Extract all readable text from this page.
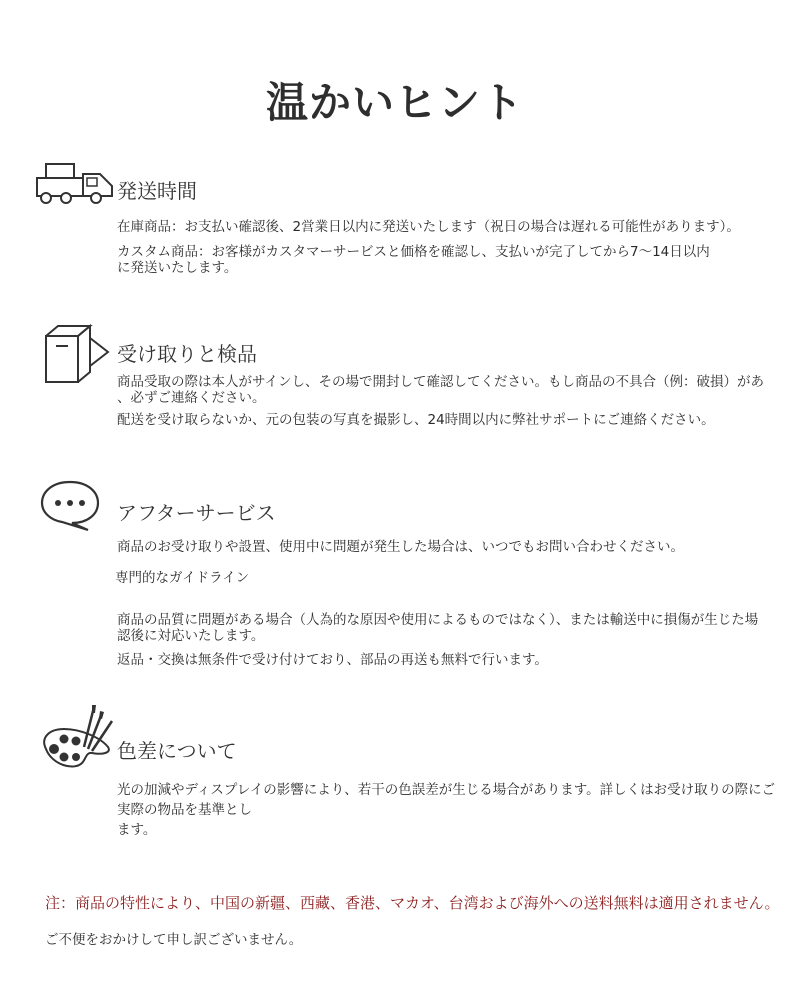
温かいヒント
発送時間
在庫商品：お支払い確認後、2営業日以内に発送いたします（祝日の場合は遅れる可能性があります）。
カスタム商品：お客様がカスタマーサービスと価格を確認し、支払いが完了してから7〜14日以内
に発送いたします。
受け取りと検品
商品受取の際は本人がサインし、その場で開封して確認してください。もし商品の不具合（例：破損）があ
、必ずご連絡ください。
配送を受け取らないか、元の包装の写真を撮影し、24時間以内に弊社サポートにご連絡ください。
アフターサービス
商品のお受け取りや設置、使用中に問題が発生した場合は、いつでもお問い合わせください。
専門的なガイドライン
商品の品質に問題がある場合（人為的な原因や使用によるものではなく）、または輸送中に損傷が生じた場
認後に対応いたします。
返品・交換は無条件で受け付けており、部品の再送も無料で行います。
色差について
光の加減やディスプレイの影響により、若干の色誤差が生じる場合があります。詳しくはお受け取りの際にご
実際の物品を基準とし
ます。
注：商品の特性により、中国の新疆、西藏、香港、マカオ、台湾および海外への送料無料は適用されません。
ご不便をおかけして申し訳ございません。
